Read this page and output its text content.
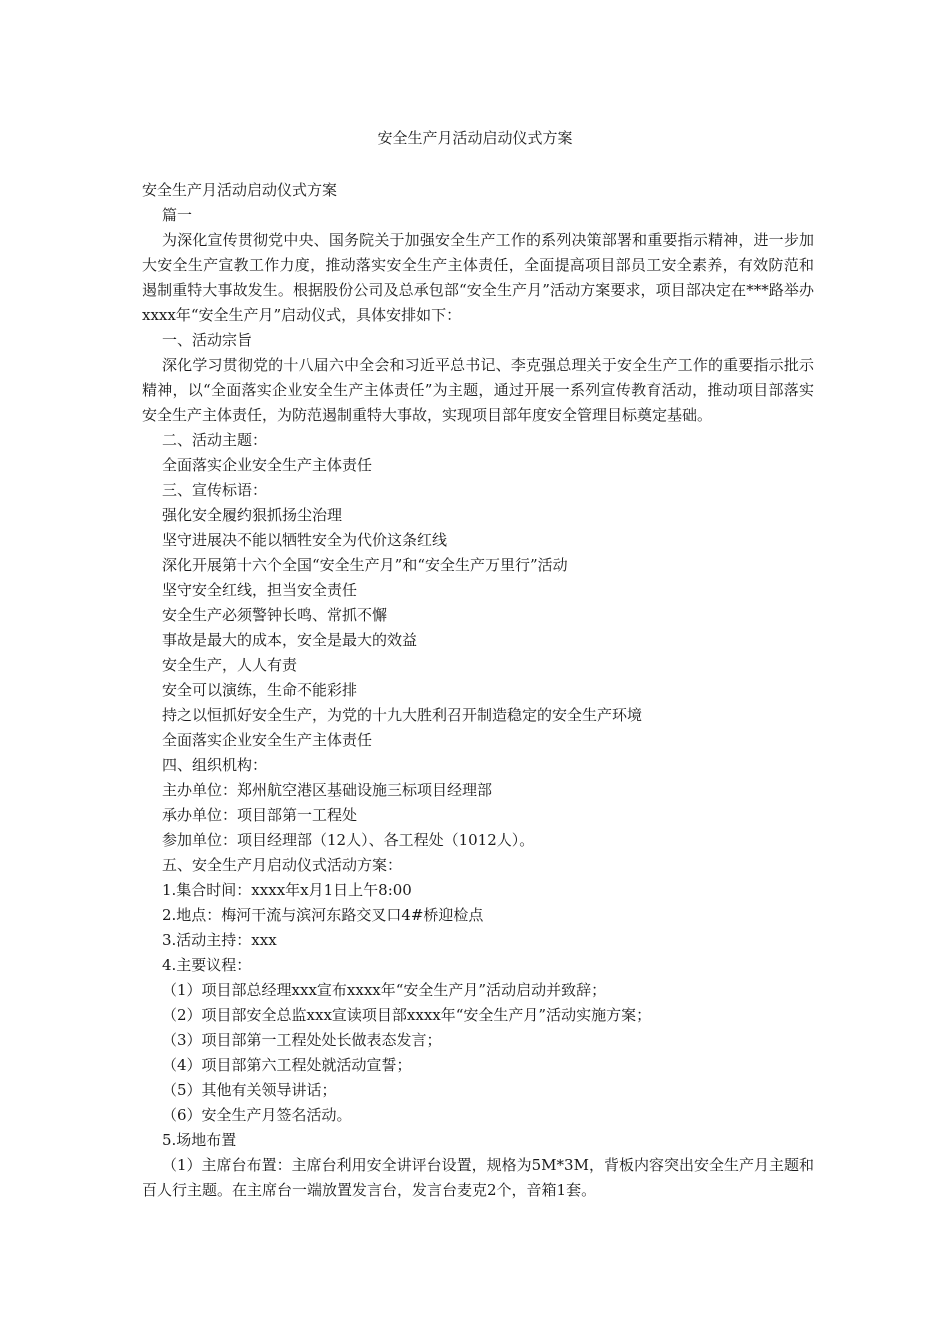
安全生产月活动启动仪式方案
安全生产月活动启动仪式方案
篇一
为深化宣传贯彻党中央、国务院关于加强安全生产工作的系列决策部署和重要指示精神，进一步加大安全生产宣教工作力度，推动落实安全生产主体责任，全面提高项目部员工安全素养，有效防范和遏制重特大事故发生。根据股份公司及总承包部“安全生产月”活动方案要求，项目部决定在***路举办xxxx年“安全生产月”启动仪式，具体安排如下：
一、活动宗旨
深化学习贯彻党的十八届六中全会和习近平总书记、李克强总理关于安全生产工作的重要指示批示精神，以“全面落实企业安全生产主体责任”为主题，通过开展一系列宣传教育活动，推动项目部落实安全生产主体责任，为防范遏制重特大事故，实现项目部年度安全管理目标奠定基础。
二、活动主题：
全面落实企业安全生产主体责任
三、宣传标语：
强化安全履约狠抓扬尘治理
坚守进展决不能以牺牲安全为代价这条红线
深化开展第十六个全国“安全生产月”和“安全生产万里行”活动
坚守安全红线，担当安全责任
安全生产必须警钟长鸣、常抓不懈
事故是最大的成本，安全是最大的效益
安全生产，人人有责
安全可以演练，生命不能彩排
持之以恒抓好安全生产，为党的十九大胜利召开制造稳定的安全生产环境
全面落实企业安全生产主体责任
四、组织机构：
主办单位：郑州航空港区基础设施三标项目经理部
承办单位：项目部第一工程处
参加单位：项目经理部（12人）、各工程处（1012人）。
五、安全生产月启动仪式活动方案：
1.集合时间：xxxx年x月1日上午8:00
2.地点：梅河干流与滨河东路交叉口4#桥迎检点
3.活动主持：xxx
4.主要议程：
（1）项目部总经理xxx宣布xxxx年“安全生产月”活动启动并致辞；
（2）项目部安全总监xxx宣读项目部xxxx年“安全生产月”活动实施方案；
（3）项目部第一工程处处长做表态发言；
（4）项目部第六工程处就活动宣誓；
（5）其他有关领导讲话；
（6）安全生产月签名活动。
5.场地布置
（1）主席台布置：主席台利用安全讲评台设置，规格为5M*3M，背板内容突出安全生产月主题和百人行主题。在主席台一端放置发言台，发言台麦克2个，音箱1套。
